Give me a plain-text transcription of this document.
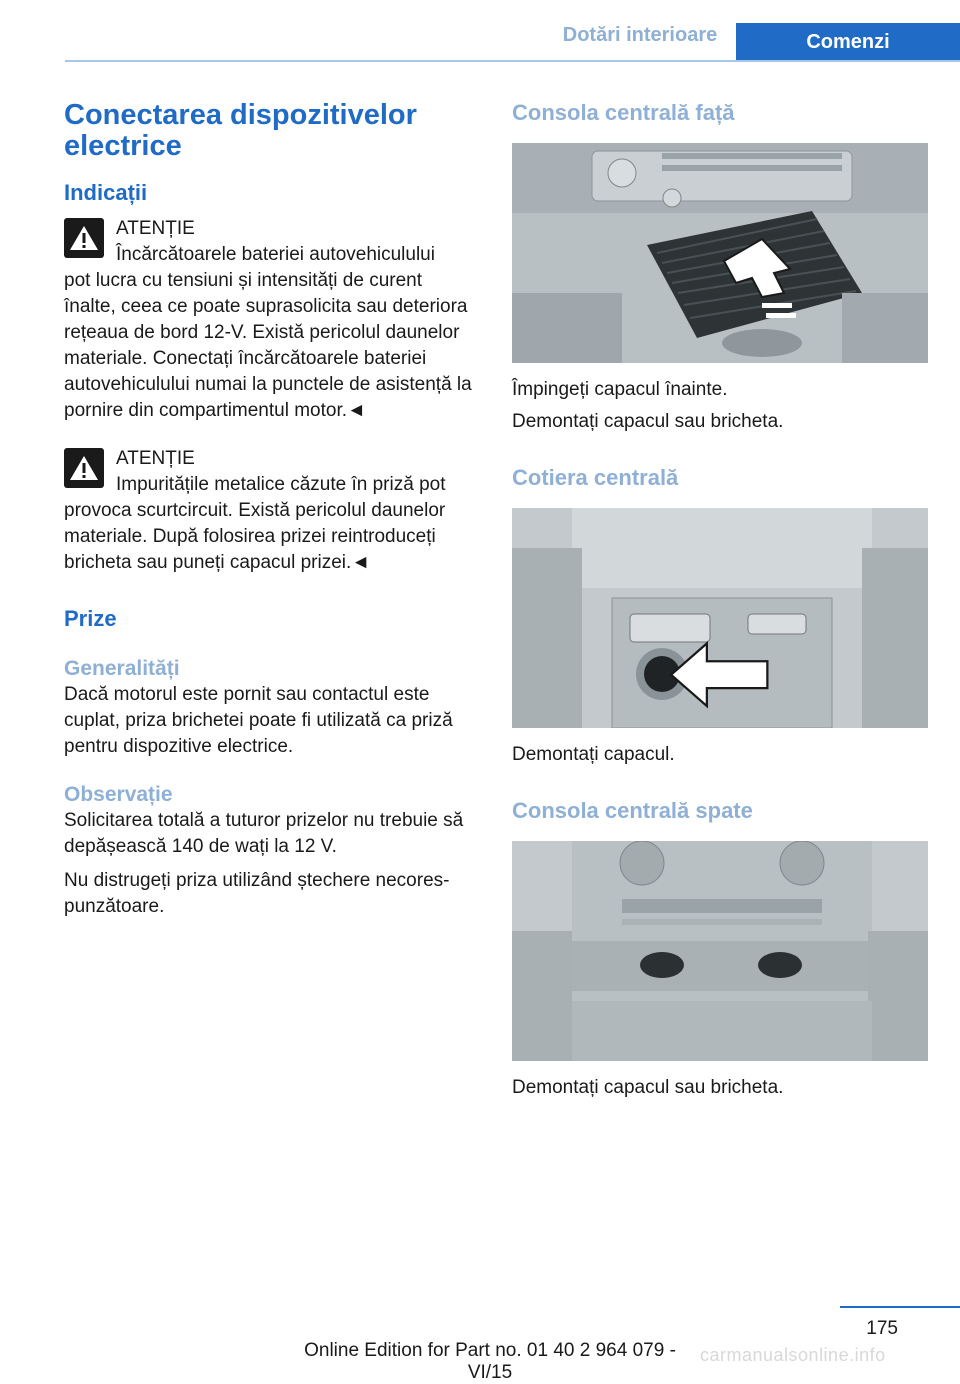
Dotări interioare	Comenzi
Conectarea dispozitivelor electrice
Indicații
ATENȚIE
Încărcătoarele bateriei autovehiculului

pot lucra cu tensiuni și intensități de curent înalte, ceea ce poate suprasolicita sau deteriora rețeaua de bord 12-V. Există pericolul daunelor materiale. Conectați încărcătoarele bateriei autovehiculului numai la punctele de asistență la pornire din compartimentul motor.◄

ATENȚIE
Impuritățile metalice căzute în priză pot

provoca scurtcircuit. Există pericolul daunelor materiale. După folosirea prizei reintroduceți bricheta sau puneți capacul prizei.◄

Prize
Generalități

Dacă motorul este pornit sau contactul este cuplat, priza brichetei poate fi utilizată ca priză pentru dispozitive electrice.

Observație

Solicitarea totală a tuturor prizelor nu trebuie să depășească 140 de wați la 12 V.

Nu distrugeți priza utilizând ștechere necorespunzătoare.

Consola centrală față

Împingeți capacul înainte.

Demontați capacul sau bricheta.

Cotiera centrală

Demontați capacul.

Consola centrală spate

Demontați capacul sau bricheta.

175
Online Edition for Part no. 01 40 2 964 079 - VI/15
carmanualsonline.info
